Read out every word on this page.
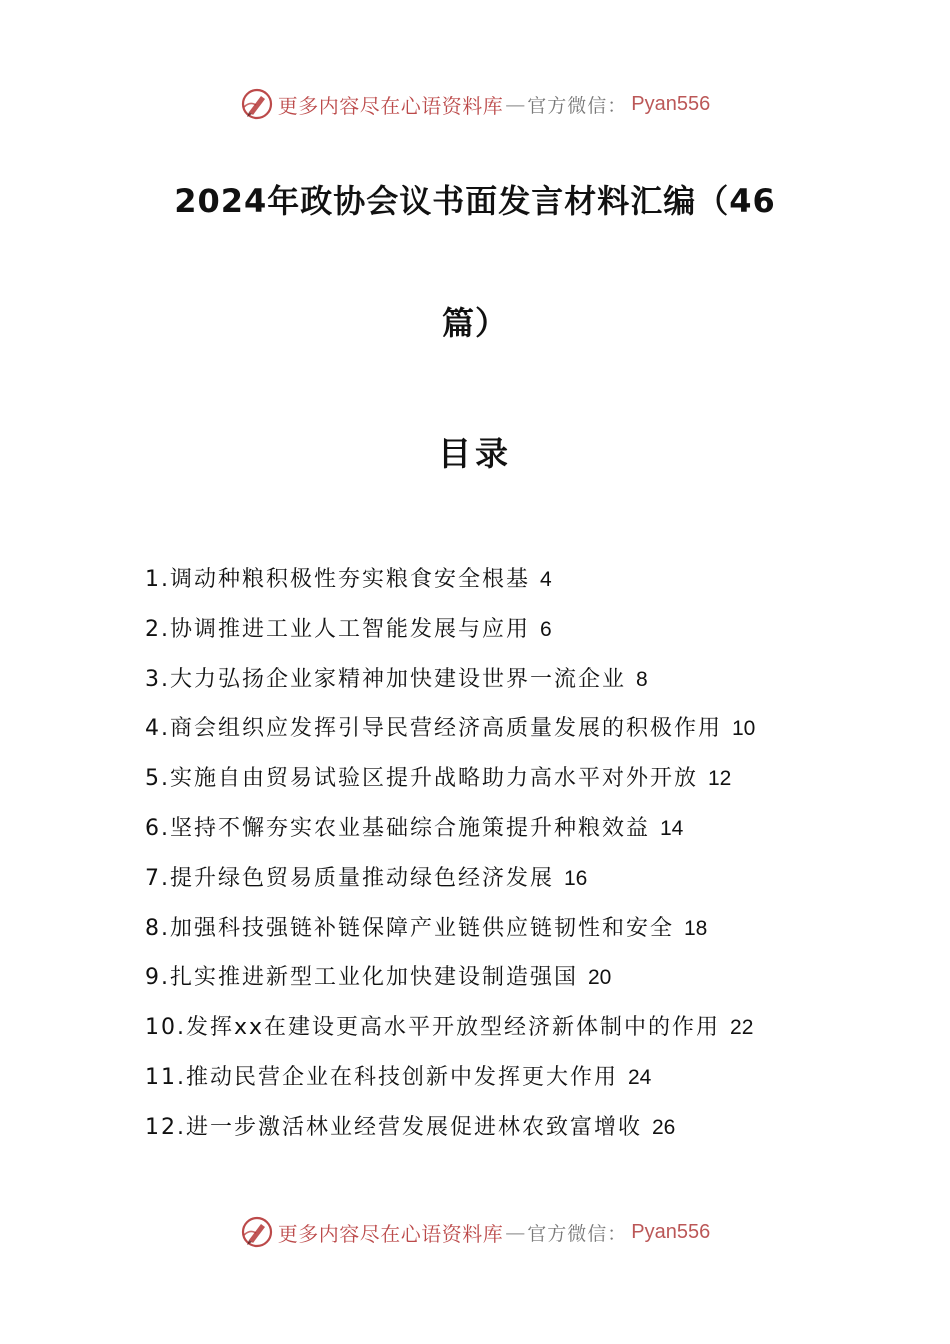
更多内容尽在心语资料库 — 官方微信： Pyan556
2024年政协会议书面发言材料汇编（46
篇）
目录
1.调动种粮积极性夯实粮食安全根基 4
2.协调推进工业人工智能发展与应用 6
3.大力弘扬企业家精神加快建设世界一流企业 8
4.商会组织应发挥引导民营经济高质量发展的积极作用 10
5.实施自由贸易试验区提升战略助力高水平对外开放 12
6.坚持不懈夯实农业基础综合施策提升种粮效益 14
7.提升绿色贸易质量推动绿色经济发展 16
8.加强科技强链补链保障产业链供应链韧性和安全 18
9.扎实推进新型工业化加快建设制造强国 20
10.发挥xx在建设更高水平开放型经济新体制中的作用 22
11.推动民营企业在科技创新中发挥更大作用 24
12.进一步激活林业经营发展促进林农致富增收 26
更多内容尽在心语资料库 — 官方微信： Pyan556
